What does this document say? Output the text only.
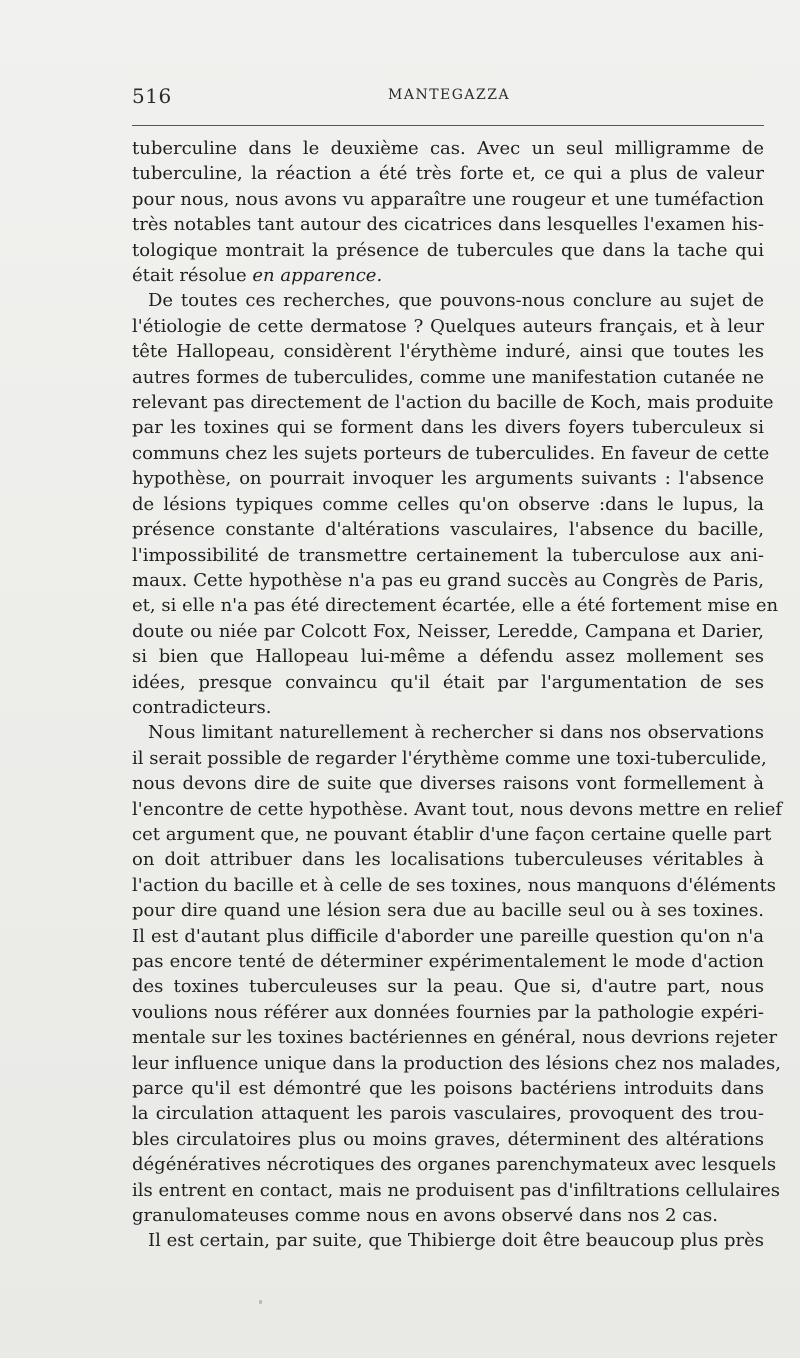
516	MANTEGAZZA
tuberculine dans le deuxième cas. Avec un seul milligramme de
tuberculine, la réaction a été très forte et, ce qui a plus de valeur
pour nous, nous avons vu apparaître une rougeur et une tuméfaction
très notables tant autour des cicatrices dans lesquelles l'examen his-
tologique montrait la présence de tubercules que dans la tache qui
était résolue en apparence.
De toutes ces recherches, que pouvons-nous conclure au sujet de
l'étiologie de cette dermatose ? Quelques auteurs français, et à leur
tête Hallopeau, considèrent l'érythème induré, ainsi que toutes les
autres formes de tuberculides, comme une manifestation cutanée ne
relevant pas directement de l'action du bacille de Koch, mais produite
par les toxines qui se forment dans les divers foyers tuberculeux si
communs chez les sujets porteurs de tuberculides. En faveur de cette
hypothèse, on pourrait invoquer les arguments suivants : l'absence
de lésions typiques comme celles qu'on observe :dans le lupus, la
présence constante d'altérations vasculaires, l'absence du bacille,
l'impossibilité de transmettre certainement la tuberculose aux ani-
maux. Cette hypothèse n'a pas eu grand succès au Congrès de Paris,
et, si elle n'a pas été directement écartée, elle a été fortement mise en
doute ou niée par Colcott Fox, Neisser, Leredde, Campana et Darier,
si bien que Hallopeau lui-même a défendu assez mollement ses
idées, presque convaincu qu'il était par l'argumentation de ses
contradicteurs.
Nous limitant naturellement à rechercher si dans nos observations
il serait possible de regarder l'érythème comme une toxi-tuberculide,
nous devons dire de suite que diverses raisons vont formellement à
l'encontre de cette hypothèse. Avant tout, nous devons mettre en relief
cet argument que, ne pouvant établir d'une façon certaine quelle part
on doit attribuer dans les localisations tuberculeuses véritables à
l'action du bacille et à celle de ses toxines, nous manquons d'éléments
pour dire quand une lésion sera due au bacille seul ou à ses toxines.
Il est d'autant plus difficile d'aborder une pareille question qu'on n'a
pas encore tenté de déterminer expérimentalement le mode d'action
des toxines tuberculeuses sur la peau. Que si, d'autre part, nous
voulions nous référer aux données fournies par la pathologie expéri-
mentale sur les toxines bactériennes en général, nous devrions rejeter
leur influence unique dans la production des lésions chez nos malades,
parce qu'il est démontré que les poisons bactériens introduits dans
la circulation attaquent les parois vasculaires, provoquent des trou-
bles circulatoires plus ou moins graves, déterminent des altérations
dégénératives nécrotiques des organes parenchymateux avec lesquels
ils entrent en contact, mais ne produisent pas d'infiltrations cellulaires
granulomateuses comme nous en avons observé dans nos 2 cas.
Il est certain, par suite, que Thibierge doit être beaucoup plus près
